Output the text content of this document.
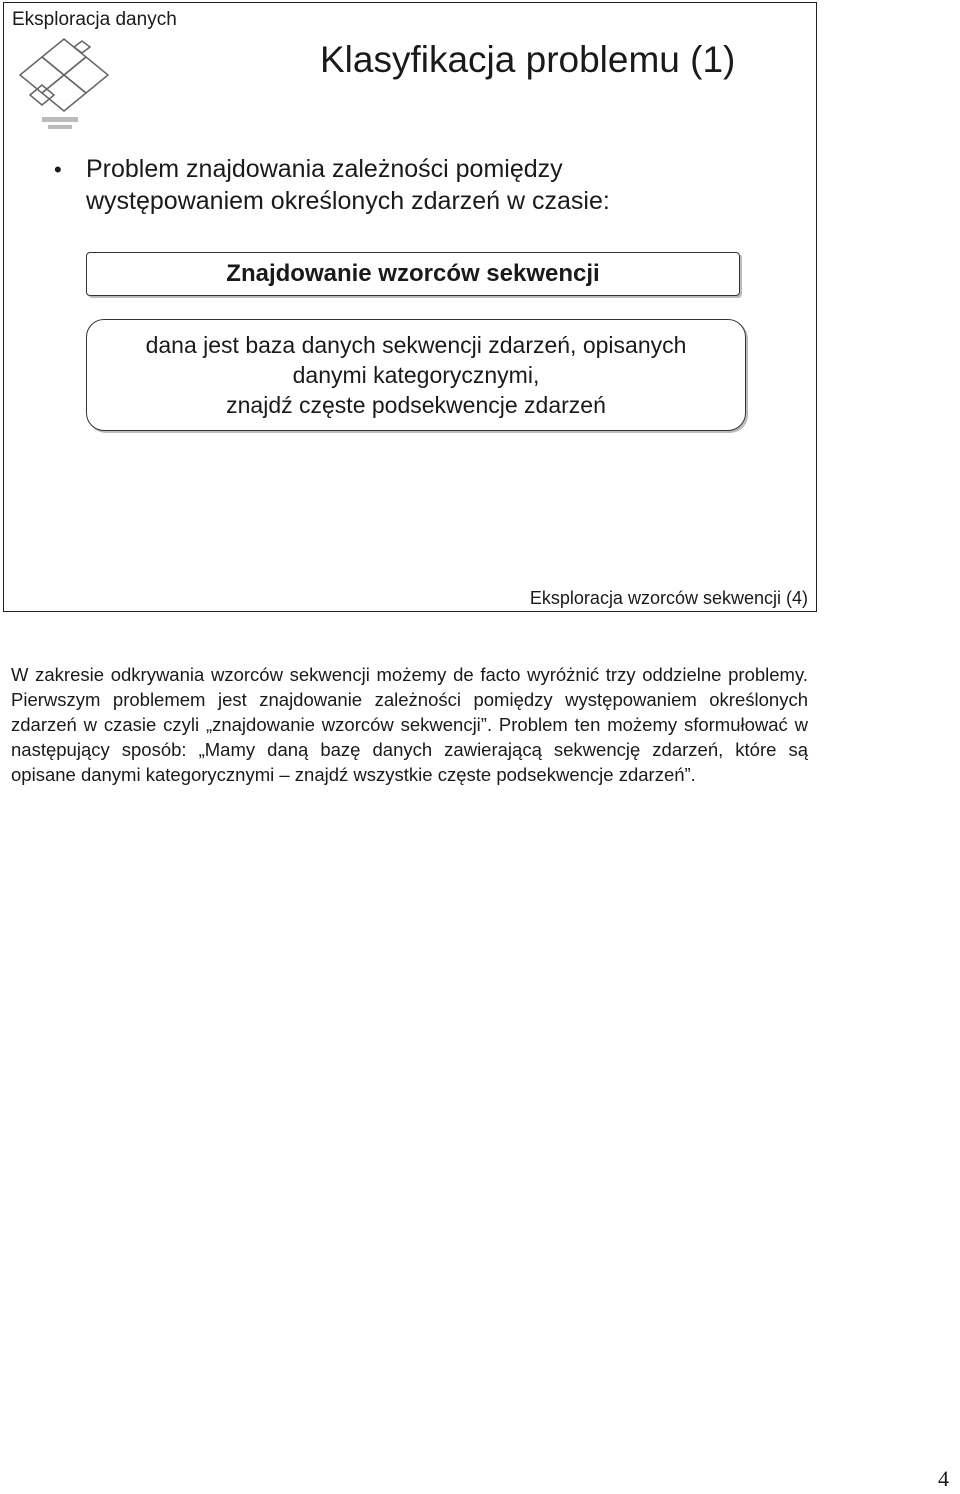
Eksploracja danych
Klasyfikacja problemu (1)
• Problem znajdowania zależności pomiędzy
występowaniem określonych zdarzeń w czasie:
Znajdowanie wzorców sekwencji
dana jest baza danych sekwencji zdarzeń, opisanych
danymi kategorycznymi,
znajdź częste podsekwencje zdarzeń
Eksploracja wzorców sekwencji (4)
W zakresie odkrywania wzorców sekwencji możemy de facto wyróżnić trzy oddzielne problemy. Pierwszym problemem jest znajdowanie zależności pomiędzy występowaniem określonych zdarzeń w czasie czyli „znajdowanie wzorców sekwencji”. Problem ten możemy sformułować w następujący sposób: „Mamy daną bazę danych zawierającą sekwencję zdarzeń, które są opisane danymi kategorycznymi – znajdź wszystkie częste podsekwencje zdarzeń”.
4
